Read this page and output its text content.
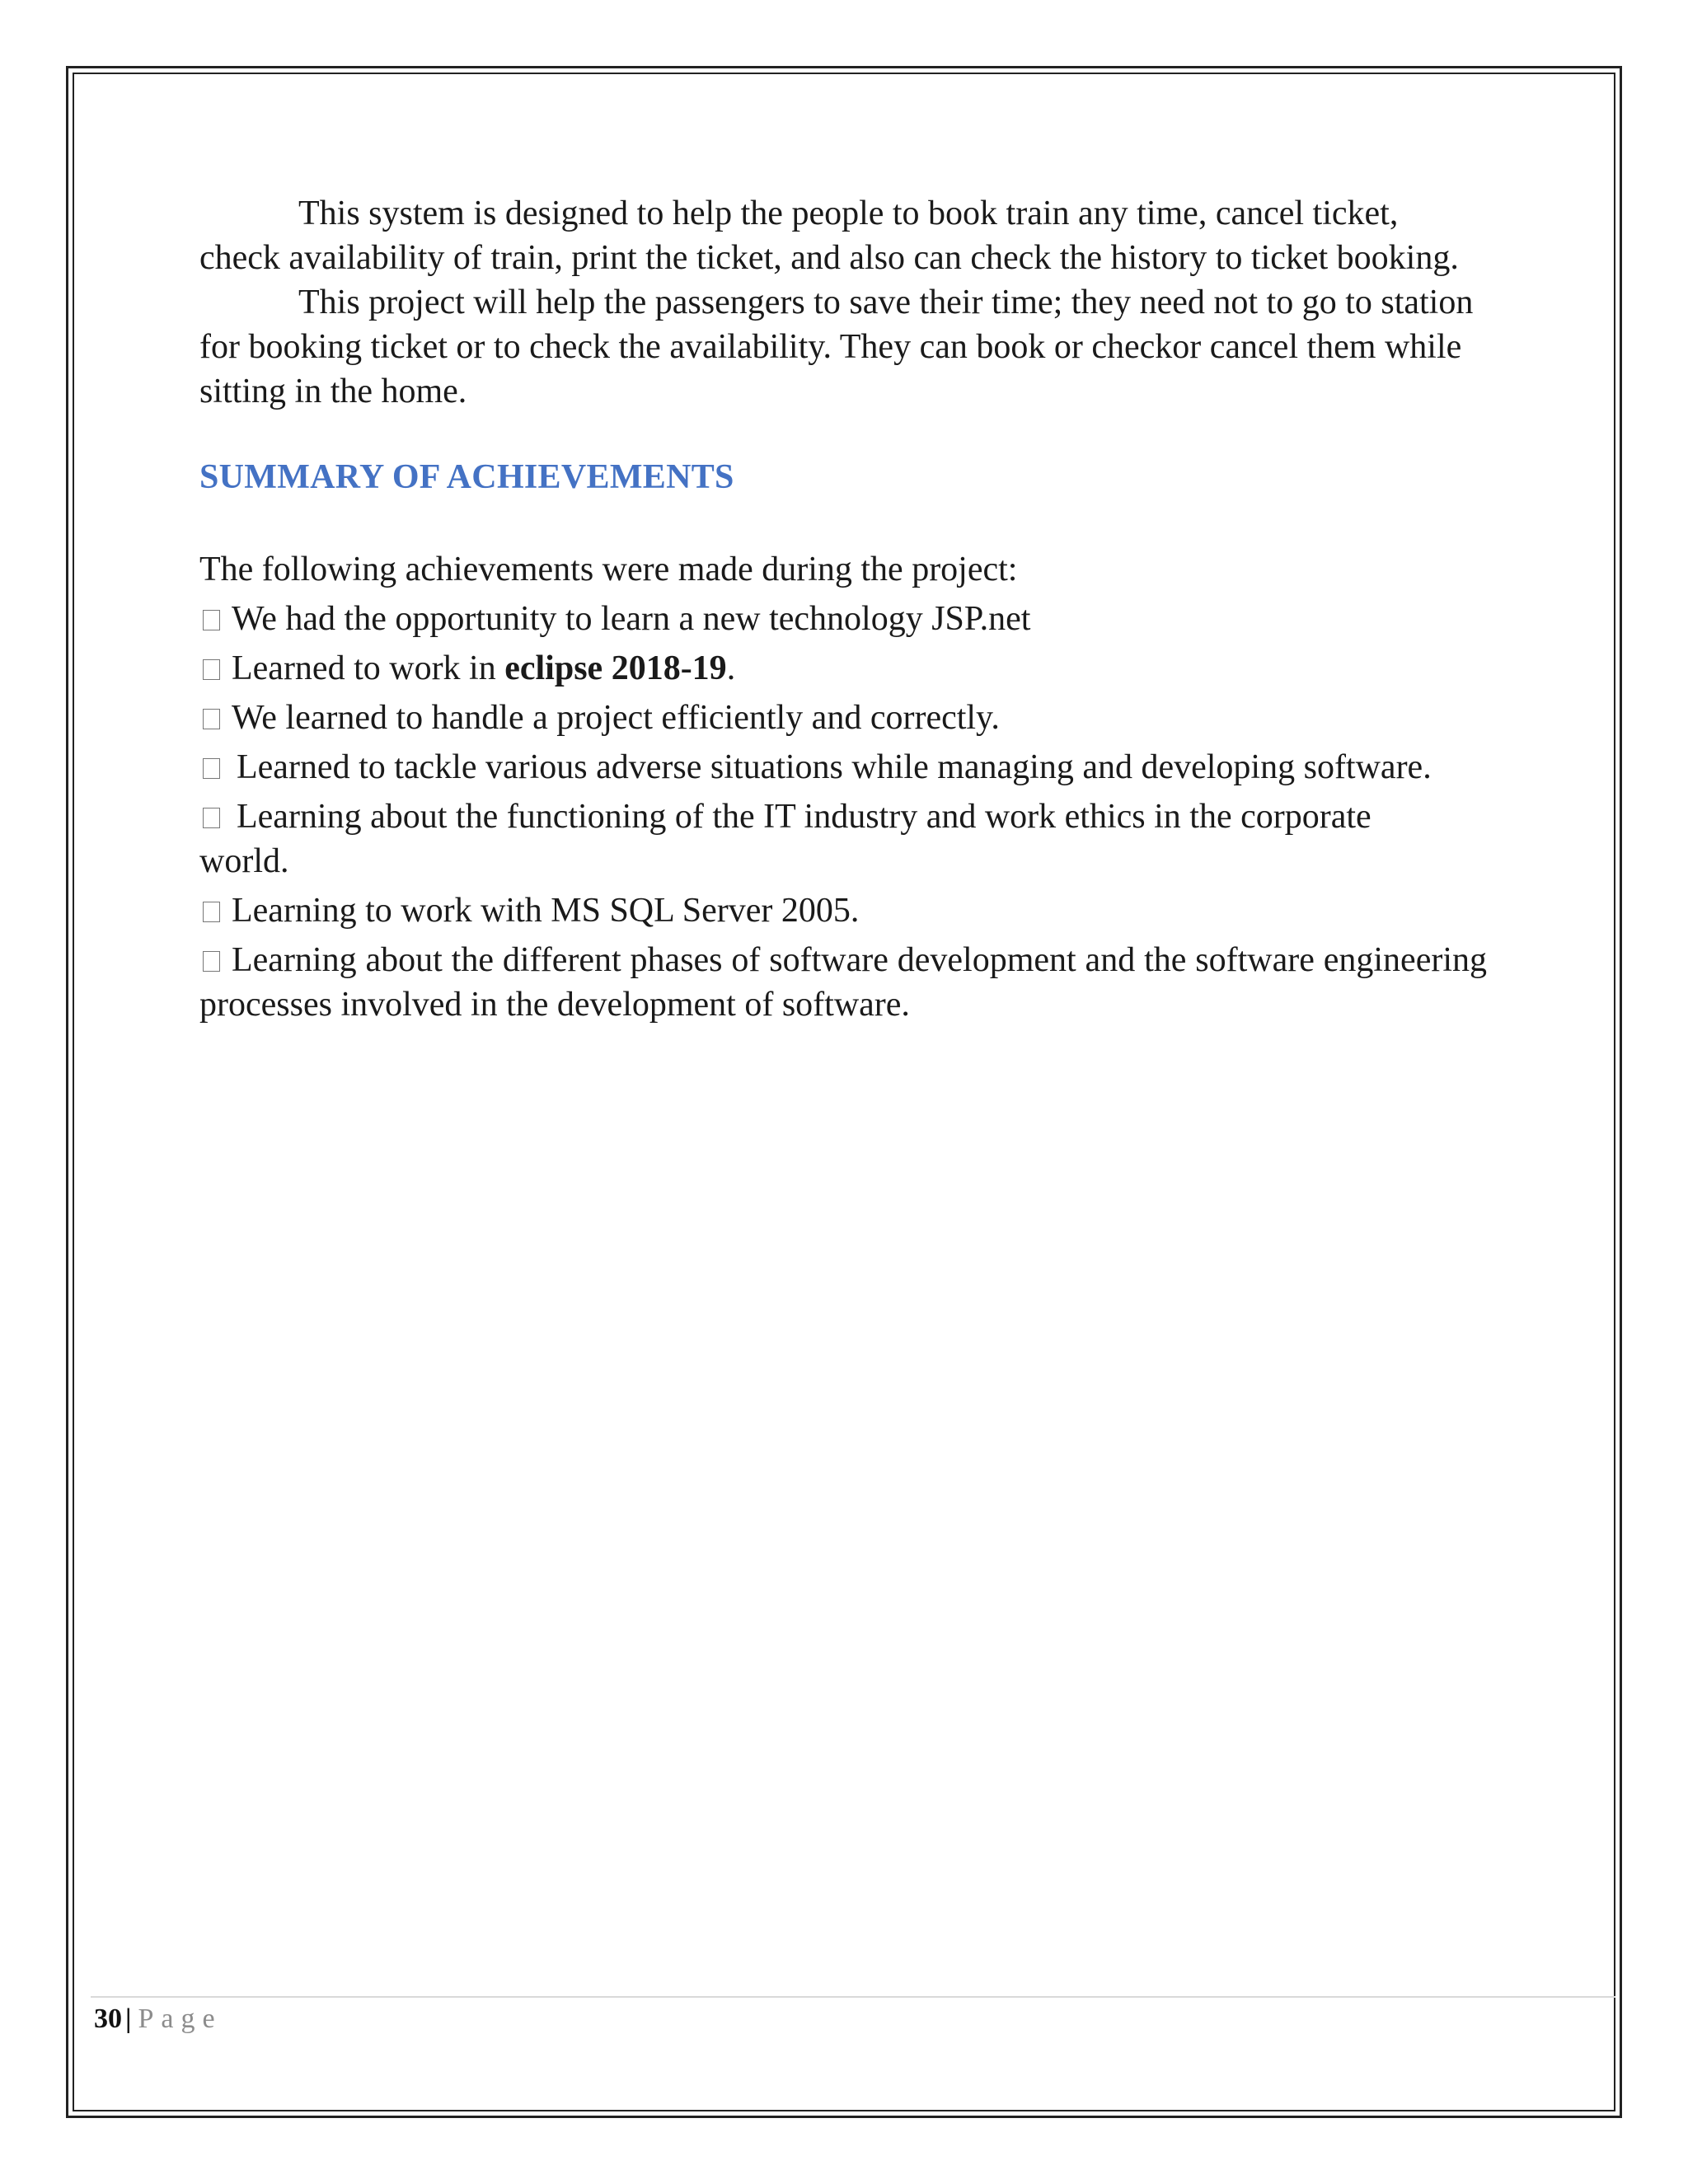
This system is designed to help the people to book train any time, cancel ticket, check availability of train, print the ticket, and also can check the history to ticket booking.

This project will help the passengers to save their time; they need not to go to station for booking ticket or to check the availability. They can book or checkor cancel them while sitting in the home.

SUMMARY OF ACHIEVEMENTS

The following achievements were made during the project:

We had the opportunity to learn a new technology JSP.net
Learned to work in eclipse 2018-19.
We learned to handle a project efficiently and correctly.
Learned to tackle various adverse situations while managing and developing software.
Learning about the functioning of the IT industry and work ethics in the corporate world.
Learning to work with MS SQL Server 2005.
Learning about the different phases of software development and the software engineering processes involved in the development of software.
30 | Page
